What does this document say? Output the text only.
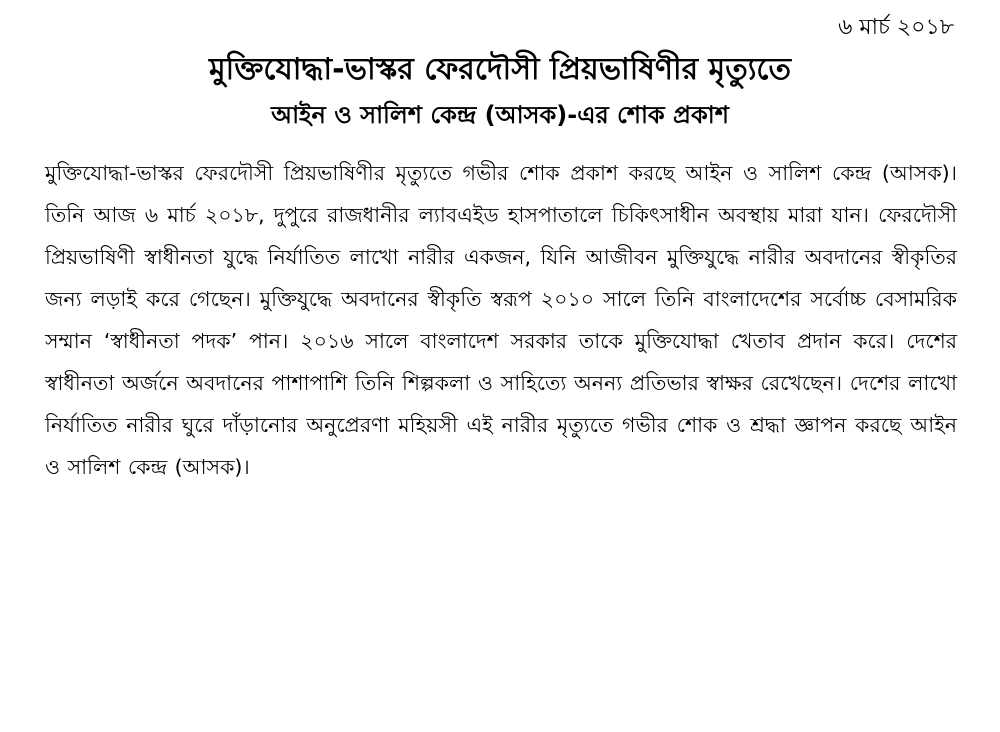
৬ মার্চ ২০১৮
মুক্তিযোদ্ধা-ভাস্কর ফেরদৌসী প্রিয়ভাষিণীর মৃত্যুতে
আইন ও সালিশ কেন্দ্র (আসক)-এর শোক প্রকাশ
মুক্তিযোদ্ধা-ভাস্কর ফেরদৌসী প্রিয়ভাষিণীর মৃত্যুতে গভীর শোক প্রকাশ করছে আইন ও সালিশ কেন্দ্র (আসক)। তিনি আজ ৬ মার্চ ২০১৮, দুপুরে রাজধানীর ল্যাবএইড হাসপাতালে চিকিৎসাধীন অবস্থায় মারা যান। ফেরদৌসী প্রিয়ভাষিণী স্বাধীনতা যুদ্ধে নির্যাতিত লাখো নারীর একজন, যিনি আজীবন মুক্তিযুদ্ধে নারীর অবদানের স্বীকৃতির জন্য লড়াই করে গেছেন। মুক্তিযুদ্ধে অবদানের স্বীকৃতি স্বরূপ ২০১০ সালে তিনি বাংলাদেশের সর্বোচ্চ বেসামরিক সম্মান ‘স্বাধীনতা পদক’ পান। ২০১৬ সালে বাংলাদেশ সরকার তাকে মুক্তিযোদ্ধা খেতাব প্রদান করে। দেশের স্বাধীনতা অর্জনে অবদানের পাশাপাশি তিনি শিল্পকলা ও সাহিত্যে অনন্য প্রতিভার স্বাক্ষর রেখেছেন। দেশের লাখো নির্যাতিত নারীর ঘুরে দাঁড়ানোর অনুপ্রেরণা মহিয়সী এই নারীর মৃত্যুতে গভীর শোক ও শ্রদ্ধা জ্ঞাপন করছে আইন ও সালিশ কেন্দ্র (আসক)।
